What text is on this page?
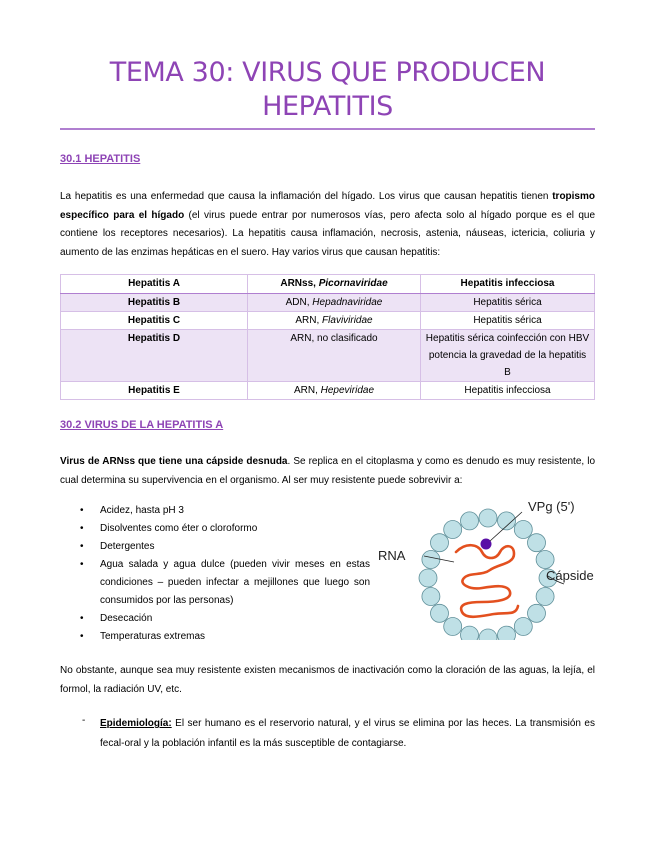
TEMA 30: VIRUS QUE PRODUCEN
HEPATITIS
30.1 HEPATITIS

La hepatitis es una enfermedad que causa la inflamación del hígado. Los virus que causan hepatitis tienen tropismo específico para el hígado (el virus puede entrar por numerosos vías, pero afecta solo al hígado porque es el que contiene los receptores necesarios). La hepatitis causa inflamación, necrosis, astenia, náuseas, ictericia, coliuria y aumento de las enzimas hepáticas en el suero. Hay varios virus que causan hepatitis:

Hepatitis A	ARNss, Picornaviridae	Hepatitis infecciosa
Hepatitis B	ADN, Hepadnaviridae	Hepatitis sérica
Hepatitis C	ARN, Flaviviridae	Hepatitis sérica
Hepatitis D	ARN, no clasificado	Hepatitis sérica coinfección con HBV potencia la gravedad de la hepatitis B
Hepatitis E	ARN, Hepeviridae	Hepatitis infecciosa
30.2 VIRUS DE LA HEPATITIS A

Virus de ARNss que tiene una cápside desnuda. Se replica en el citoplasma y como es denudo es muy resistente, lo cual determina su supervivencia en el organismo. Al ser muy resistente puede sobrevivir a:

• Acidez, hasta pH 3
• Disolventes como éter o cloroformo
• Detergentes
• Agua salada y agua dulce (pueden vivir meses en estas condiciones – pueden infectar a mejillones que luego son consumidos por las personas)
• Desecación
• Temperaturas extremas
VPg (5')
RNA
Cápside

No obstante, aunque sea muy resistente existen mecanismos de inactivación como la cloración de las aguas, la lejía, el formol, la radiación UV, etc.

- Epidemiología: El ser humano es el reservorio natural, y el virus se elimina por las heces. La transmisión es fecal-oral y la población infantil es la más susceptible de contagiarse.
